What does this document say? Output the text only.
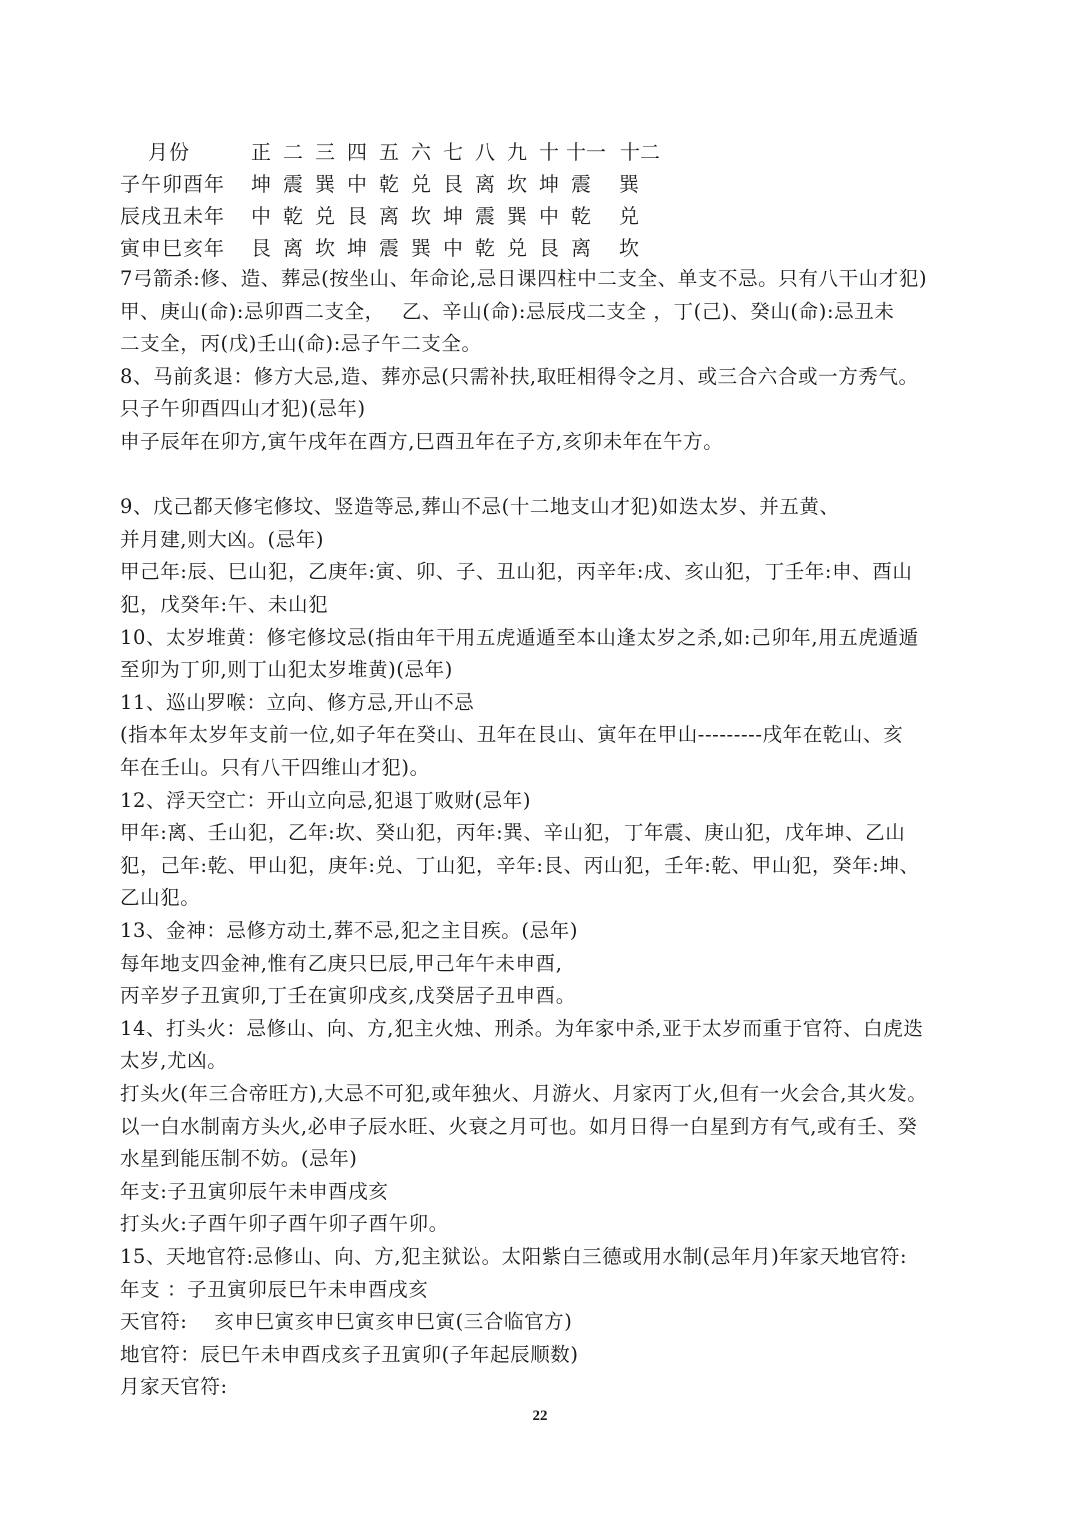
月份	正 二 三 四 五 六 七 八 九 十 十一 十二
子午卯酉年	坤 震 巽 中 乾 兑 艮 离 坎 坤 震	巽
辰戌丑未年	中 乾 兑 艮 离 坎 坤 震 巽 中 乾	兑
寅申巳亥年	艮 离 坎 坤 震 巽 中 乾 兑 艮 离	坎

7弓箭杀:修、造、葬忌(按坐山、年命论,忌日课四柱中二支全、单支不忌。只有八干山才犯)

甲、庚山(命):忌卯酉二支全，　 乙、辛山(命):忌辰戌二支全 ，丁(己)、癸山(命):忌丑未

二支全，丙(戊)壬山(命):忌子午二支全。

8、马前炙退：修方大忌,造、葬亦忌(只需补扶,取旺相得令之月、或三合六合或一方秀气。

只子午卯酉四山才犯)(忌年)

申子辰年在卯方,寅午戌年在酉方,巳酉丑年在子方,亥卯未年在午方。

9、戊己都天修宅修坟、竖造等忌,葬山不忌(十二地支山才犯)如迭太岁、并五黄、

并月建,则大凶。(忌年)

甲己年:辰、巳山犯，乙庚年:寅、卯、子、丑山犯，丙辛年:戌、亥山犯，丁壬年:申、酉山

犯，戊癸年:午、未山犯

10、太岁堆黄：修宅修坟忌(指由年干用五虎遁遁至本山逢太岁之杀,如:己卯年,用五虎遁遁

至卯为丁卯,则丁山犯太岁堆黄)(忌年)

11、巡山罗喉：立向、修方忌,开山不忌

(指本年太岁年支前一位,如子年在癸山、丑年在艮山、寅年在甲山---------戌年在乾山、亥

年在壬山。只有八干四维山才犯)。

12、浮天空亡：开山立向忌,犯退丁败财(忌年)

甲年:离、壬山犯，乙年:坎、癸山犯，丙年:巽、辛山犯，丁年震、庚山犯，戊年坤、乙山

犯，己年:乾、甲山犯，庚年:兑、丁山犯，辛年:艮、丙山犯，壬年:乾、甲山犯，癸年:坤、

乙山犯。

13、金神：忌修方动土,葬不忌,犯之主目疾。(忌年)

每年地支四金神,惟有乙庚只巳辰,甲己年午未申酉,

丙辛岁子丑寅卯,丁壬在寅卯戌亥,戊癸居子丑申酉。

14、打头火：忌修山、向、方,犯主火烛、刑杀。为年家中杀,亚于太岁而重于官符、白虎迭

太岁,尤凶。

打头火(年三合帝旺方),大忌不可犯,或年独火、月游火、月家丙丁火,但有一火会合,其火发。

以一白水制南方头火,必申子辰水旺、火衰之月可也。如月日得一白星到方有气,或有壬、癸

水星到能压制不妨。(忌年)

年支:子丑寅卯辰午未申酉戌亥

打头火:子酉午卯子酉午卯子酉午卯。

15、天地官符:忌修山、向、方,犯主狱讼。太阳紫白三德或用水制(忌年月)年家天地官符:

年支 ：子丑寅卯辰巳午未申酉戌亥

天官符: 　亥申巳寅亥申巳寅亥申巳寅(三合临官方)

地官符：辰巳午未申酉戌亥子丑寅卯(子年起辰顺数)

月家天官符:

22
